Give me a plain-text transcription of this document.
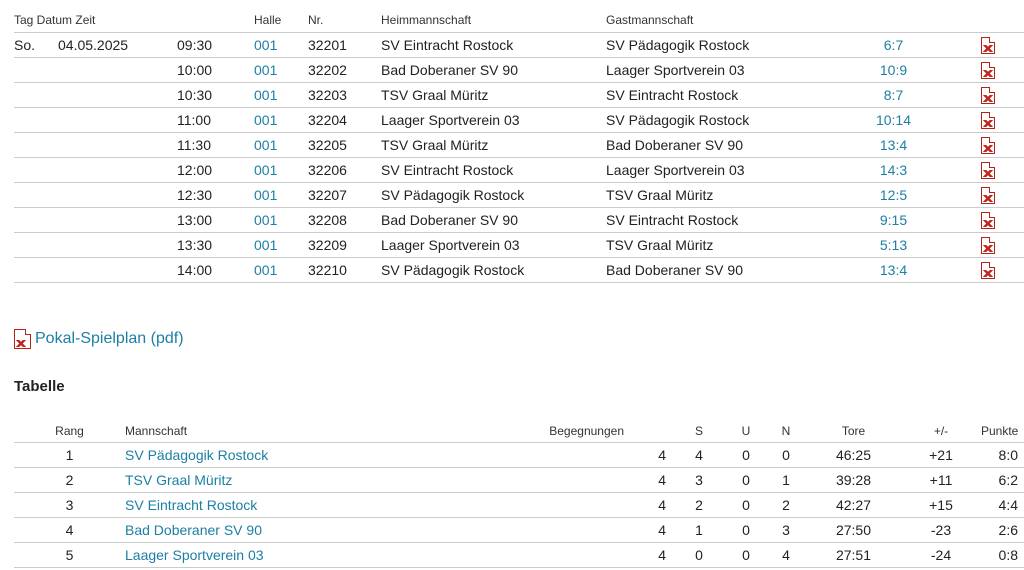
Tag Datum Zeit			Halle	Nr.	Heimmannschaft	Gastmannschaft		
So.	04.05.2025	09:30	001	32201	SV Eintracht Rostock	SV Pädagogik Rostock	6:7	
		10:00	001	32202	Bad Doberaner SV 90	Laager Sportverein 03	10:9	
		10:30	001	32203	TSV Graal Müritz	SV Eintracht Rostock	8:7	
		11:00	001	32204	Laager Sportverein 03	SV Pädagogik Rostock	10:14	
		11:30	001	32205	TSV Graal Müritz	Bad Doberaner SV 90	13:4	
		12:00	001	32206	SV Eintracht Rostock	Laager Sportverein 03	14:3	
		12:30	001	32207	SV Pädagogik Rostock	TSV Graal Müritz	12:5	
		13:00	001	32208	Bad Doberaner SV 90	SV Eintracht Rostock	9:15	
		13:30	001	32209	Laager Sportverein 03	TSV Graal Müritz	5:13	
		14:00	001	32210	SV Pädagogik Rostock	Bad Doberaner SV 90	13:4	
Pokal-Spielplan (pdf)
Tabelle
Rang	Mannschaft	Begegnungen	S	U	N	Tore	+/-	Punkte
1	SV Pädagogik Rostock	4	4	0	0	46:25	+21	8:0
2	TSV Graal Müritz	4	3	0	1	39:28	+11	6:2
3	SV Eintracht Rostock	4	2	0	2	42:27	+15	4:4
4	Bad Doberaner SV 90	4	1	0	3	27:50	-23	2:6
5	Laager Sportverein 03	4	0	0	4	27:51	-24	0:8
